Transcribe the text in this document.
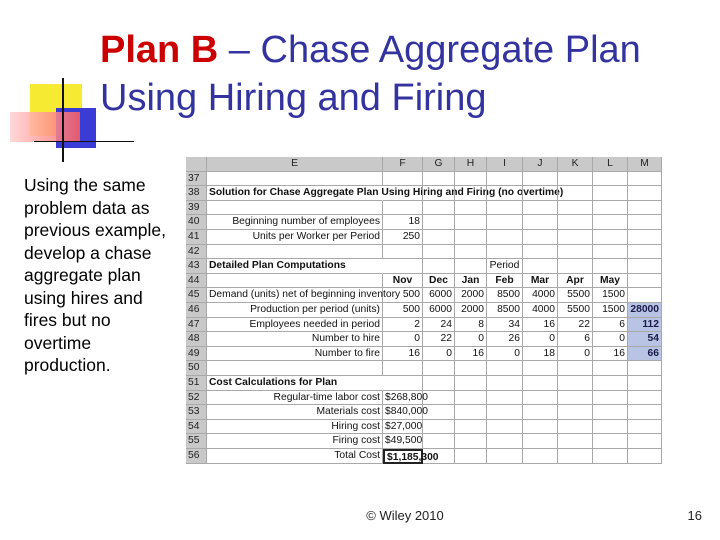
Plan B – Chase Aggregate Plan Using Hiring and Firing
Using the same problem data as previous example, develop a chase aggregate plan using hires and fires but no overtime production.
E	F	G	H	I	J	K	L	M
37
38 Solution for Chase Aggregate Plan Using Hiring and Firing (no overtime)
39
40	Beginning number of employees	18
41	Units per Worker per Period	250
42
43 Detailed Plan Computations	Period
44	Nov	Dec	Jan	Feb	Mar	Apr	May
45 Demand (units) net of beginning inventory 500 6000 2000	8500	4000	5500	1500
46	Production per period (units)	500 6000 2000	8500	4000	5500	1500 28000
47	Employees needed in period	2	24	8	34	16	22	6	112
48	Number to hire	0	22	0	26	0	6	0	54
49	Number to fire	16	0	16	0	18	0	16	66
50
51 Cost Calculations for Plan
52	Regular-time labor cost $268,800
53	Materials cost $840,000
54	Hiring cost $27,000
55	Firing cost $49,500
56	Total Cost $1,185,300
© Wiley 2010	16
